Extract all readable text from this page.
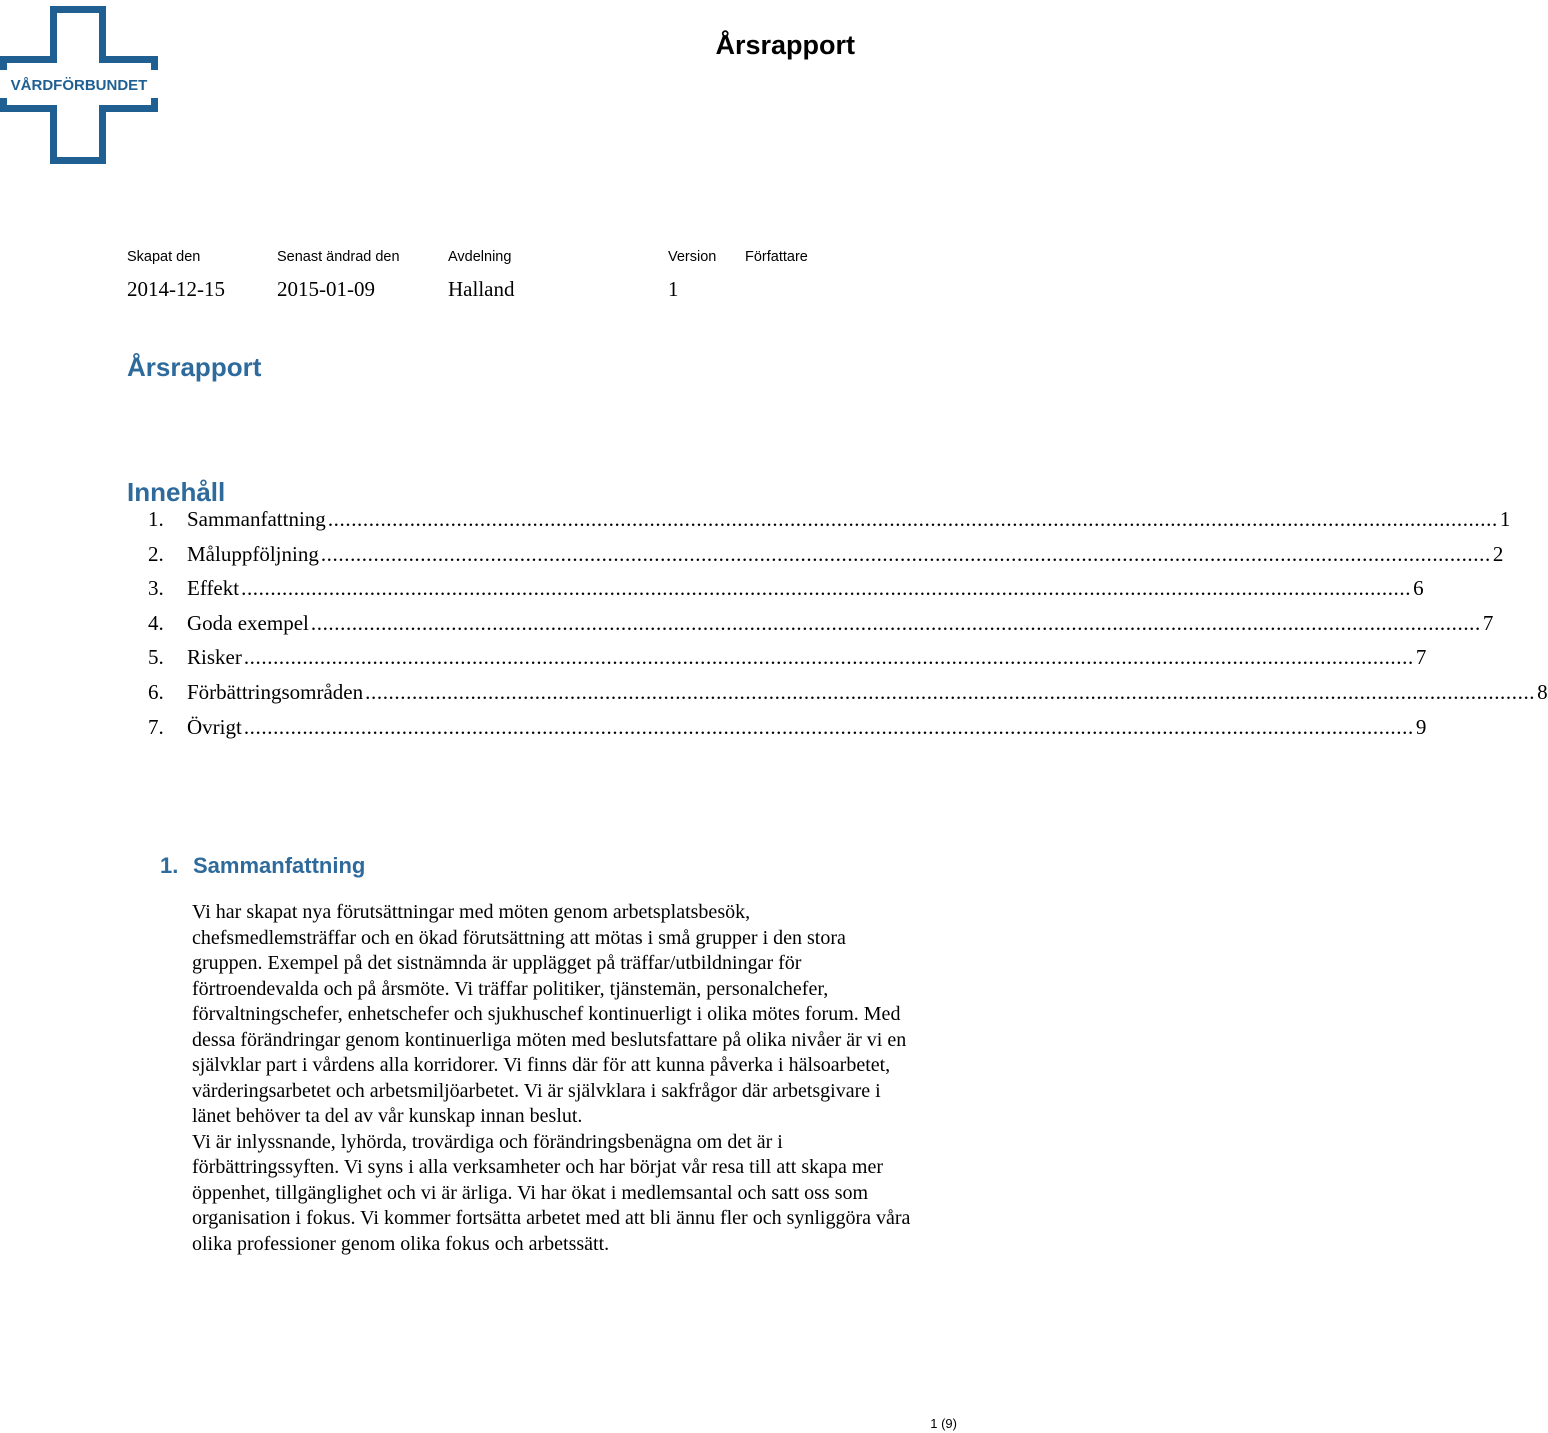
VÅRDFÖRBUNDET
Årsrapport
Skapat den	Senast ändrad den	Avdelning	Version Författare
2014-12-15 2015-01-09	Halland	1
Årsrapport
Innehåll
1.	Sammanfattning ........................................................................................................................................................................................................ 1
2.	Måluppföljning ........................................................................................................................................................................................................ 2
3.	Effekt ........................................................................................................................................................................................................ 6
4.	Goda exempel ........................................................................................................................................................................................................ 7
5.	Risker ........................................................................................................................................................................................................ 7
6.	Förbättringsområden ........................................................................................................................................................................................................ 8
7.	Övrigt ........................................................................................................................................................................................................ 9
1. Sammanfattning

Vi har skapat nya förutsättningar med möten genom arbetsplatsbesök, chefsmedlemsträffar och en ökad förutsättning att mötas i små grupper i den stora gruppen. Exempel på det sistnämnda är upplägget på träffar/utbildningar för förtroendevalda och på årsmöte. Vi träffar politiker, tjänstemän, personalchefer, förvaltningschefer, enhetschefer och sjukhuschef kontinuerligt i olika mötes forum. Med dessa förändringar genom kontinuerliga möten med beslutsfattare på olika nivåer är vi en självklar part i vårdens alla korridorer. Vi finns där för att kunna påverka i hälsoarbetet, värderingsarbetet och arbetsmiljöarbetet. Vi är självklara i sakfrågor där arbetsgivare i länet behöver ta del av vår kunskap innan beslut.

Vi är inlyssnande, lyhörda, trovärdiga och förändringsbenägna om det är i förbättringssyften. Vi syns i alla verksamheter och har börjat vår resa till att skapa mer öppenhet, tillgänglighet och vi är ärliga. Vi har ökat i medlemsantal och satt oss som organisation i fokus. Vi kommer fortsätta arbetet med att bli ännu fler och synliggöra våra olika professioner genom olika fokus och arbetssätt.

1 (9)
